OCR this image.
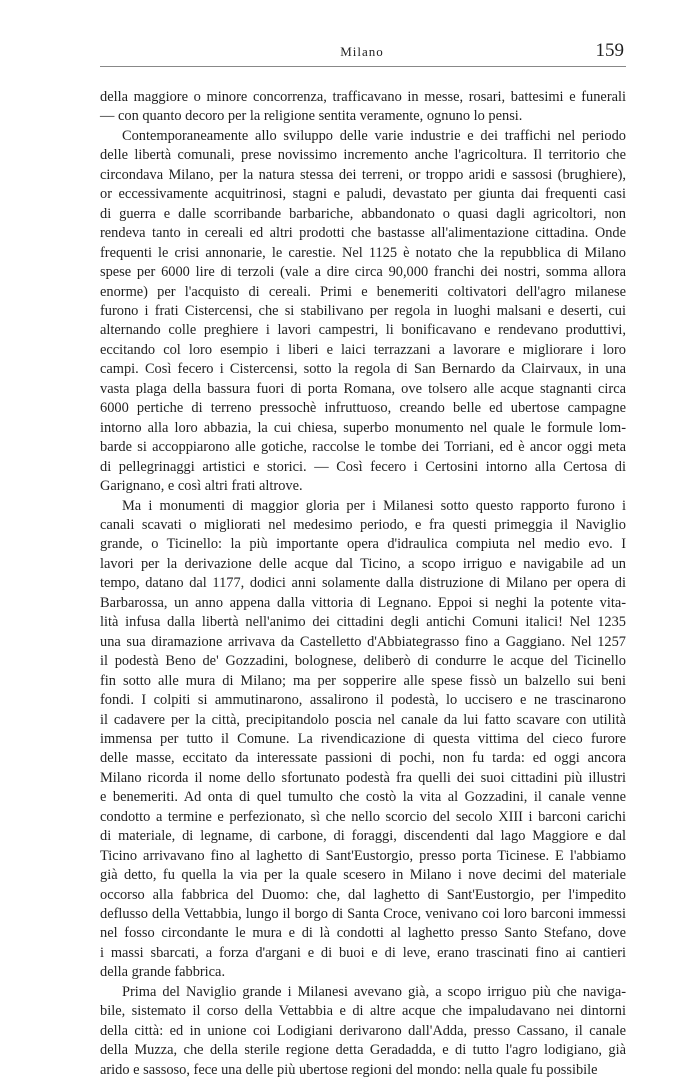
Milano	159

della maggiore o minore concorrenza, trafficavano in messe, rosari, battesimi e funerali

— con quanto decoro per la religione sentita veramente, ognuno lo pensi.

Contemporaneamente allo sviluppo delle varie industrie e dei traffichi nel periodo

delle libertà comunali, prese novissimo incremento anche l'agricoltura. Il territorio che

circondava Milano, per la natura stessa dei terreni, or troppo aridi e sassosi (brughiere),

or eccessivamente acquitrinosi, stagni e paludi, devastato per giunta dai frequenti casi

di guerra e dalle scorribande barbariche, abbandonato o quasi dagli agricoltori, non

rendeva tanto in cereali ed altri prodotti che bastasse all'alimentazione cittadina. Onde

frequenti le crisi annonarie, le carestie. Nel 1125 è notato che la repubblica di Milano

spese per 6000 lire di terzoli (vale a dire circa 90,000 franchi dei nostri, somma allora

enorme) per l'acquisto di cereali. Primi e benemeriti coltivatori dell'agro milanese

furono i frati Cistercensi, che si stabilivano per regola in luoghi malsani e deserti, cui

alternando colle preghiere i lavori campestri, li bonificavano e rendevano produttivi,

eccitando col loro esempio i liberi e laici terrazzani a lavorare e migliorare i loro

campi. Così fecero i Cistercensi, sotto la regola di San Bernardo da Clairvaux, in una

vasta plaga della bassura fuori di porta Romana, ove tolsero alle acque stagnanti circa

6000 pertiche di terreno pressochè infruttuoso, creando belle ed ubertose campagne

intorno alla loro abbazia, la cui chiesa, superbo monumento nel quale le formule lom-

barde si accoppiarono alle gotiche, raccolse le tombe dei Torriani, ed è ancor oggi meta

di pellegrinaggi artistici e storici. — Così fecero i Certosini intorno alla Certosa di

Garignano, e così altri frati altrove.

Ma i monumenti di maggior gloria per i Milanesi sotto questo rapporto furono i

canali scavati o migliorati nel medesimo periodo, e fra questi primeggia il Naviglio

grande, o Ticinello: la più importante opera d'idraulica compiuta nel medio evo. I

lavori per la derivazione delle acque dal Ticino, a scopo irriguo e navigabile ad un

tempo, datano dal 1177, dodici anni solamente dalla distruzione di Milano per opera di

Barbarossa, un anno appena dalla vittoria di Legnano. Eppoi si neghi la potente vita-

lità infusa dalla libertà nell'animo dei cittadini degli antichi Comuni italici! Nel 1235

una sua diramazione arrivava da Castelletto d'Abbiategrasso fino a Gaggiano. Nel 1257

il podestà Beno de' Gozzadini, bolognese, deliberò di condurre le acque del Ticinello

fin sotto alle mura di Milano; ma per sopperire alle spese fissò un balzello sui beni

fondi. I colpiti si ammutinarono, assalirono il podestà, lo uccisero e ne trascinarono

il cadavere per la città, precipitandolo poscia nel canale da lui fatto scavare con utilità

immensa per tutto il Comune. La rivendicazione di questa vittima del cieco furore

delle masse, eccitato da interessate passioni di pochi, non fu tarda: ed oggi ancora

Milano ricorda il nome dello sfortunato podestà fra quelli dei suoi cittadini più illustri

e benemeriti. Ad onta di quel tumulto che costò la vita al Gozzadini, il canale venne

condotto a termine e perfezionato, sì che nello scorcio del secolo XIII i barconi carichi

di materiale, di legname, di carbone, di foraggi, discendenti dal lago Maggiore e dal

Ticino arrivavano fino al laghetto di Sant'Eustorgio, presso porta Ticinese. E l'abbiamo

già detto, fu quella la via per la quale scesero in Milano i nove decimi del materiale

occorso alla fabbrica del Duomo: che, dal laghetto di Sant'Eustorgio, per l'impedito

deflusso della Vettabbia, lungo il borgo di Santa Croce, venivano coi loro barconi immessi

nel fosso circondante le mura e di là condotti al laghetto presso Santo Stefano, dove

i massi sbarcati, a forza d'argani e di buoi e di leve, erano trascinati fino ai cantieri

della grande fabbrica.

Prima del Naviglio grande i Milanesi avevano già, a scopo irriguo più che naviga-

bile, sistemato il corso della Vettabbia e di altre acque che impaludavano nei dintorni

della città: ed in unione coi Lodigiani derivarono dall'Adda, presso Cassano, il canale

della Muzza, che della sterile regione detta Geradadda, e di tutto l'agro lodigiano, già

arido e sassoso, fece una delle più ubertose regioni del mondo: nella quale fu possibile
